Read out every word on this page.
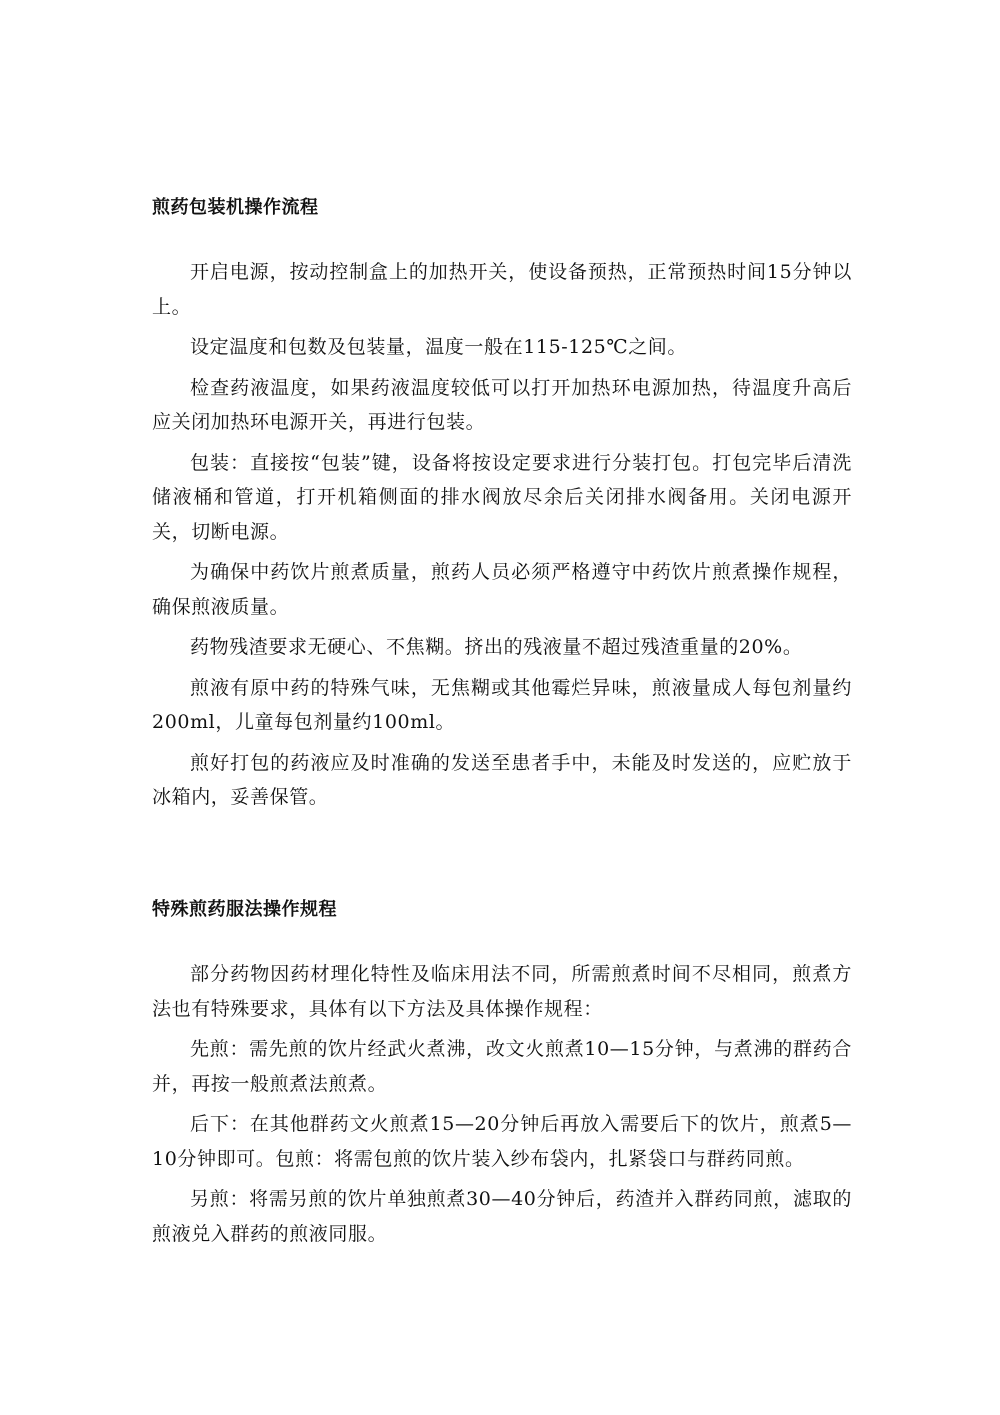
煎药包装机操作流程

开启电源，按动控制盒上的加热开关，使设备预热，正常预热时间15分钟以上。

设定温度和包数及包装量，温度一般在115-125℃之间。

检查药液温度，如果药液温度较低可以打开加热环电源加热，待温度升高后应关闭加热环电源开关，再进行包装。

包装：直接按“包装”键，设备将按设定要求进行分装打包。打包完毕后清洗储液桶和管道，打开机箱侧面的排水阀放尽余后关闭排水阀备用。关闭电源开关，切断电源。

为确保中药饮片煎煮质量，煎药人员必须严格遵守中药饮片煎煮操作规程，确保煎液质量。

药物残渣要求无硬心、不焦糊。挤出的残液量不超过残渣重量的20%。

煎液有原中药的特殊气味，无焦糊或其他霉烂异味，煎液量成人每包剂量约200ml，儿童每包剂量约100ml。

煎好打包的药液应及时准确的发送至患者手中，未能及时发送的，应贮放于冰箱内，妥善保管。

特殊煎药服法操作规程

部分药物因药材理化特性及临床用法不同，所需煎煮时间不尽相同，煎煮方法也有特殊要求，具体有以下方法及具体操作规程：

先煎：需先煎的饮片经武火煮沸，改文火煎煮10—15分钟，与煮沸的群药合并，再按一般煎煮法煎煮。

后下：在其他群药文火煎煮15—20分钟后再放入需要后下的饮片，煎煮5—10分钟即可。包煎：将需包煎的饮片装入纱布袋内，扎紧袋口与群药同煎。

另煎：将需另煎的饮片单独煎煮30—40分钟后，药渣并入群药同煎，滤取的煎液兑入群药的煎液同服。
